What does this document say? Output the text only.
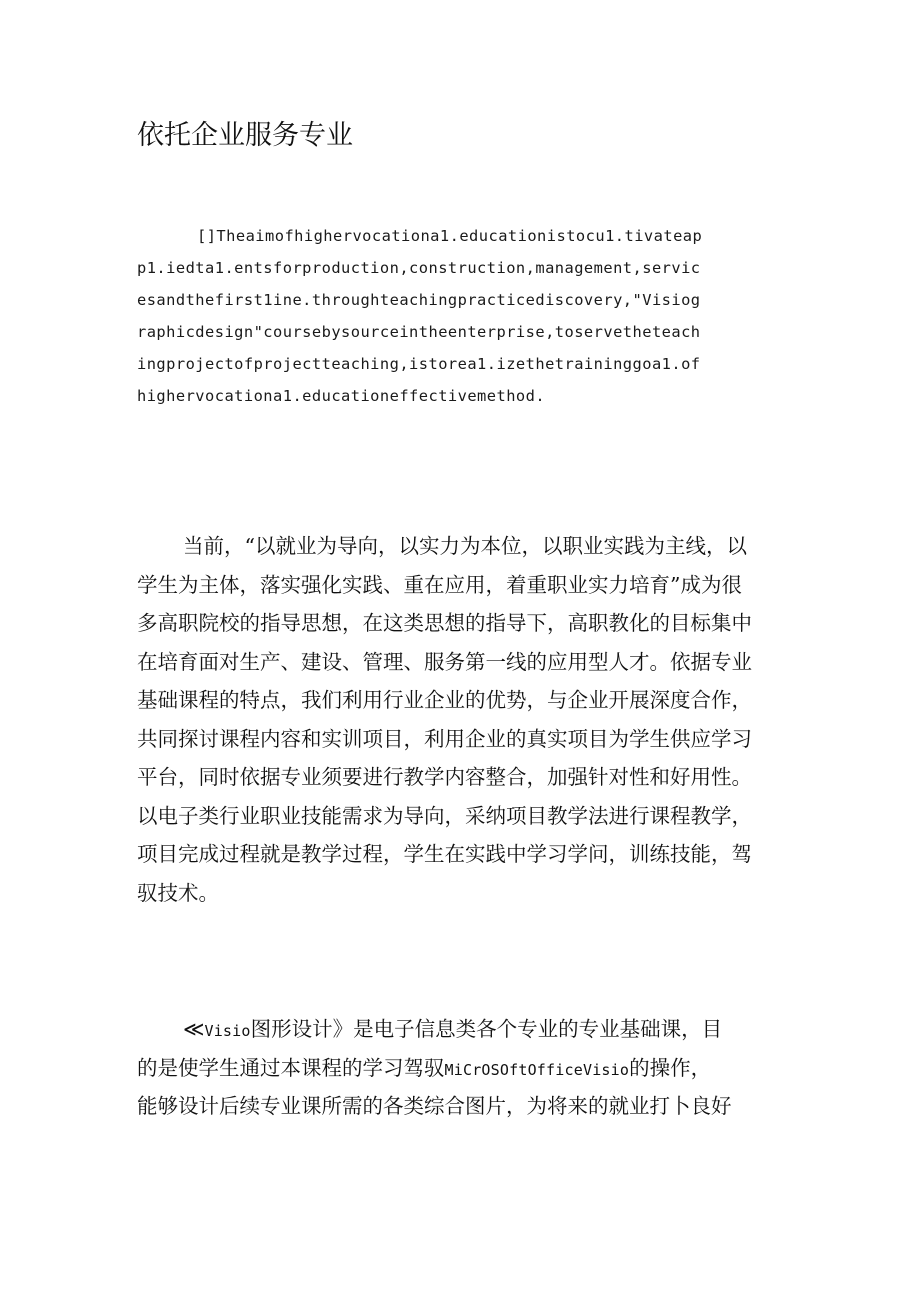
依托企业服务专业
[]Theaimofhighervocationa1.educationistocu1.tivateap
p1.iedta1.entsforproduction,construction,management,servic
esandthefirst1ine.throughteachingpracticediscovery,"Visiog
raphicdesign"coursebysourceintheenterprise,toservetheteach
ingprojectofprojectteaching,istorea1.izethetraininggoa1.of
highervocationa1.educationeffectivemethod.
当前，“以就业为导向，以实力为本位，以职业实践为主线，以
学生为主体，落实强化实践、重在应用，着重职业实力培育”成为很
多高职院校的指导思想，在这类思想的指导下，高职教化的目标集中
在培育面对生产、建设、管理、服务第一线的应用型人才。依据专业
基础课程的特点，我们利用行业企业的优势，与企业开展深度合作，
共同探讨课程内容和实训项目，利用企业的真实项目为学生供应学习
平台，同时依据专业须要进行教学内容整合，加强针对性和好用性。
以电子类行业职业技能需求为导向，采纳项目教学法进行课程教学，
项目完成过程就是教学过程，学生在实践中学习学问，训练技能，驾
驭技术。
≪Visio图形设计》是电子信息类各个专业的专业基础课，目
的是使学生通过本课程的学习驾驭MiCrOSOftOfficeVisio的操作，
能够设计后续专业课所需的各类综合图片，为将来的就业打卜良好
